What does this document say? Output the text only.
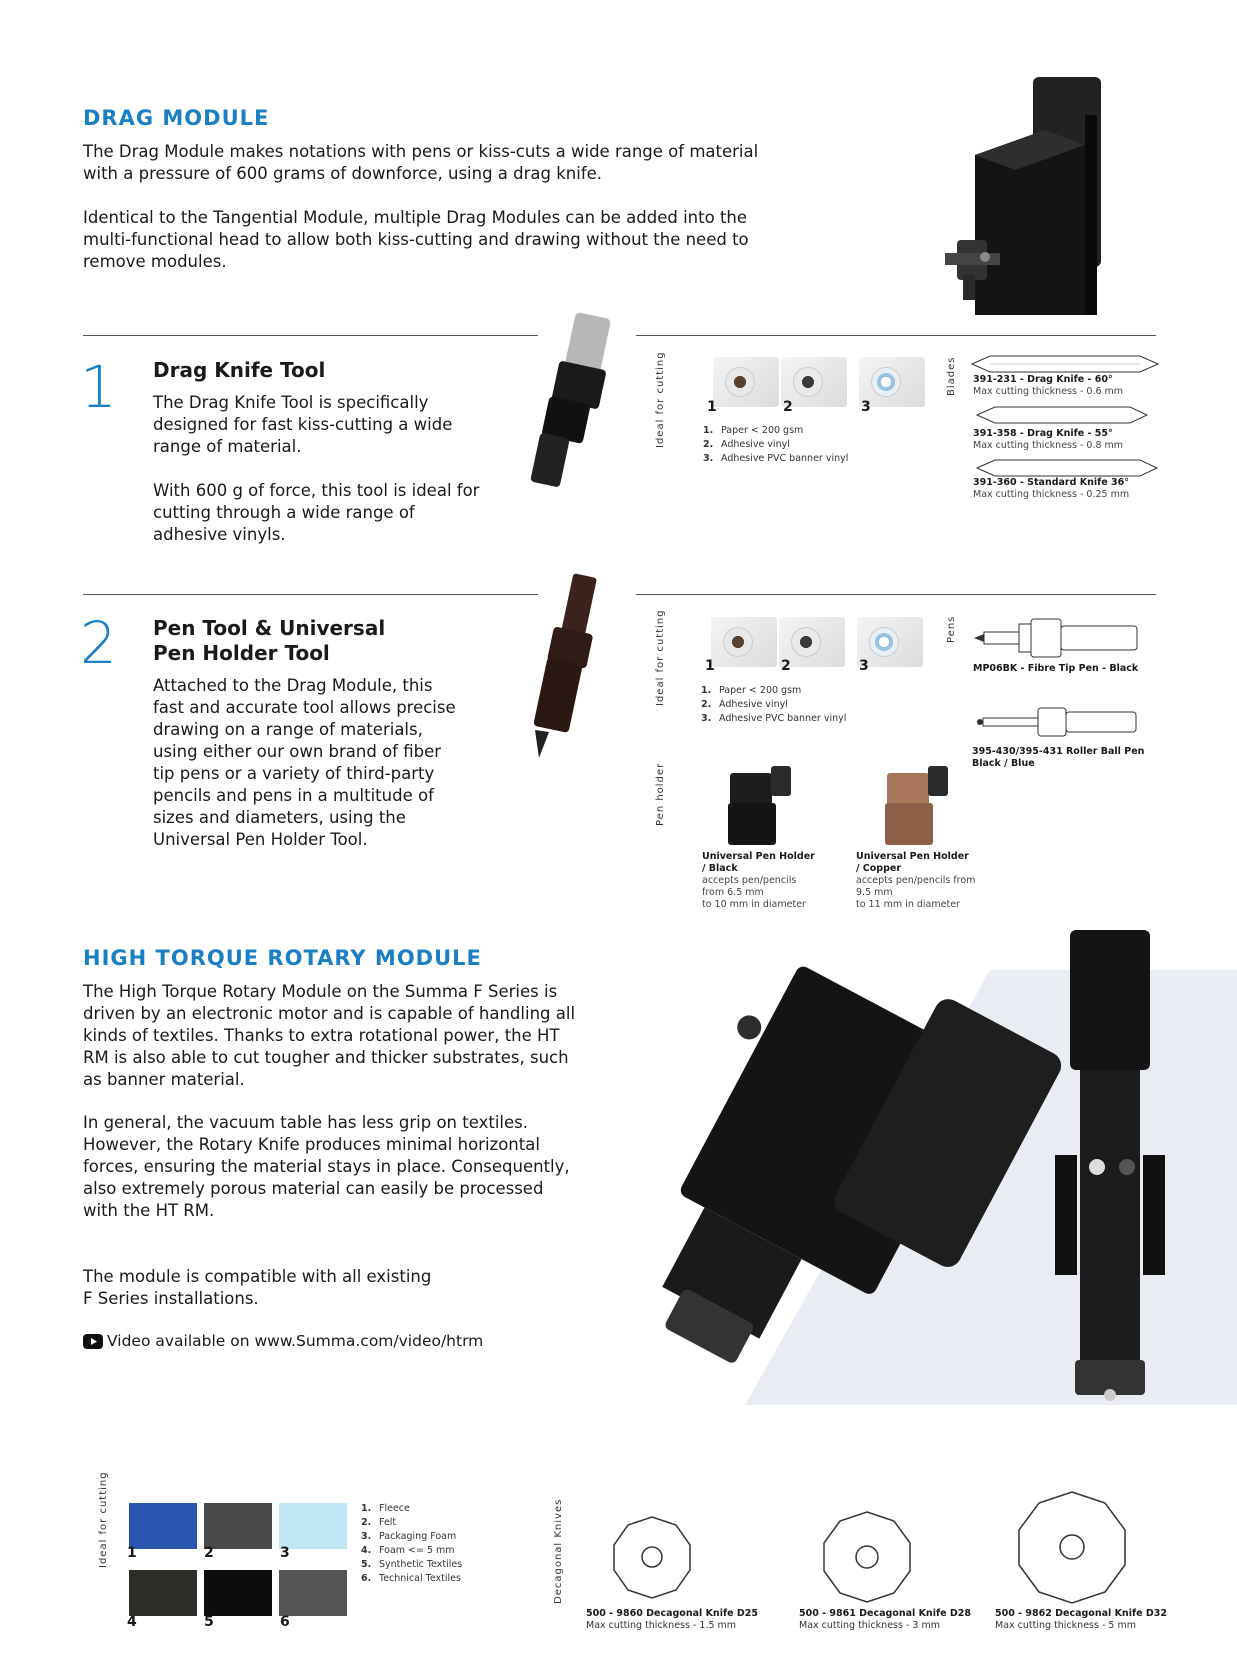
DRAG MODULE

The Drag Module makes notations with pens or kiss-cuts a wide range of material with a pressure of 600 grams of downforce, using a drag knife.

Identical to the Tangential Module, multiple Drag Modules can be added into the multi-functional head to allow both kiss-cutting and drawing without the need to remove modules.

1 Drag Knife Tool

The Drag Knife Tool is specifically designed for fast kiss-cutting a wide range of material.

With 600 g of force, this tool is ideal for cutting through a wide range of adhesive vinyls.

Ideal for cutting	1	2	3
1. Paper < 200 gsm
2. Adhesive vinyl
3. Adhesive PVC banner vinyl
Blades 391-231 - Drag Knife - 60°
Max cutting thickness - 0.6 mm
391-358 - Drag Knife - 55°
Max cutting thickness - 0.8 mm
391-360 - Standard Knife 36°
Max cutting thickness - 0.25 mm
2 Pen Tool & Universal
Pen Holder Tool

Attached to the Drag Module, this fast and accurate tool allows precise drawing on a range of materials, using either our own brand of fiber tip pens or a variety of third-party pencils and pens in a multitude of sizes and diameters, using the Universal Pen Holder Tool.

Ideal for cutting	1	2	3
1. Paper < 200 gsm
2. Adhesive vinyl
3. Adhesive PVC banner vinyl
Pens
MP06BK - Fibre Tip Pen - Black
395-430/395-431 Roller Ball Pen
Black / Blue
Pen holder
Universal Pen Holder
/ Black
accepts pen/pencils
from 6.5 mm
to 10 mm in diameter
Universal Pen Holder
/ Copper
accepts pen/pencils from
9.5 mm
to 11 mm in diameter
HIGH TORQUE ROTARY MODULE

The High Torque Rotary Module on the Summa F Series is driven by an electronic motor and is capable of handling all kinds of textiles. Thanks to extra rotational power, the HT RM is also able to cut tougher and thicker substrates, such as banner material.

In general, the vacuum table has less grip on textiles. However, the Rotary Knife produces minimal horizontal forces, ensuring the material stays in place. Consequently, also extremely porous material can easily be processed with the HT RM.

The module is compatible with all existing F Series installations.

Video available on www.Summa.com/video/htrm
Ideal for cutting 1	2	3
4	5	6
1. Fleece
2. Felt
3. Packaging Foam
4. Foam <= 5 mm
5. Synthetic Textiles
6. Technical Textiles	Decagonal Knives
500 - 9860 Decagonal Knife D25
Max cutting thickness - 1.5 mm
500 - 9861 Decagonal Knife D28
Max cutting thickness - 3 mm
500 - 9862 Decagonal Knife D32
Max cutting thickness - 5 mm
